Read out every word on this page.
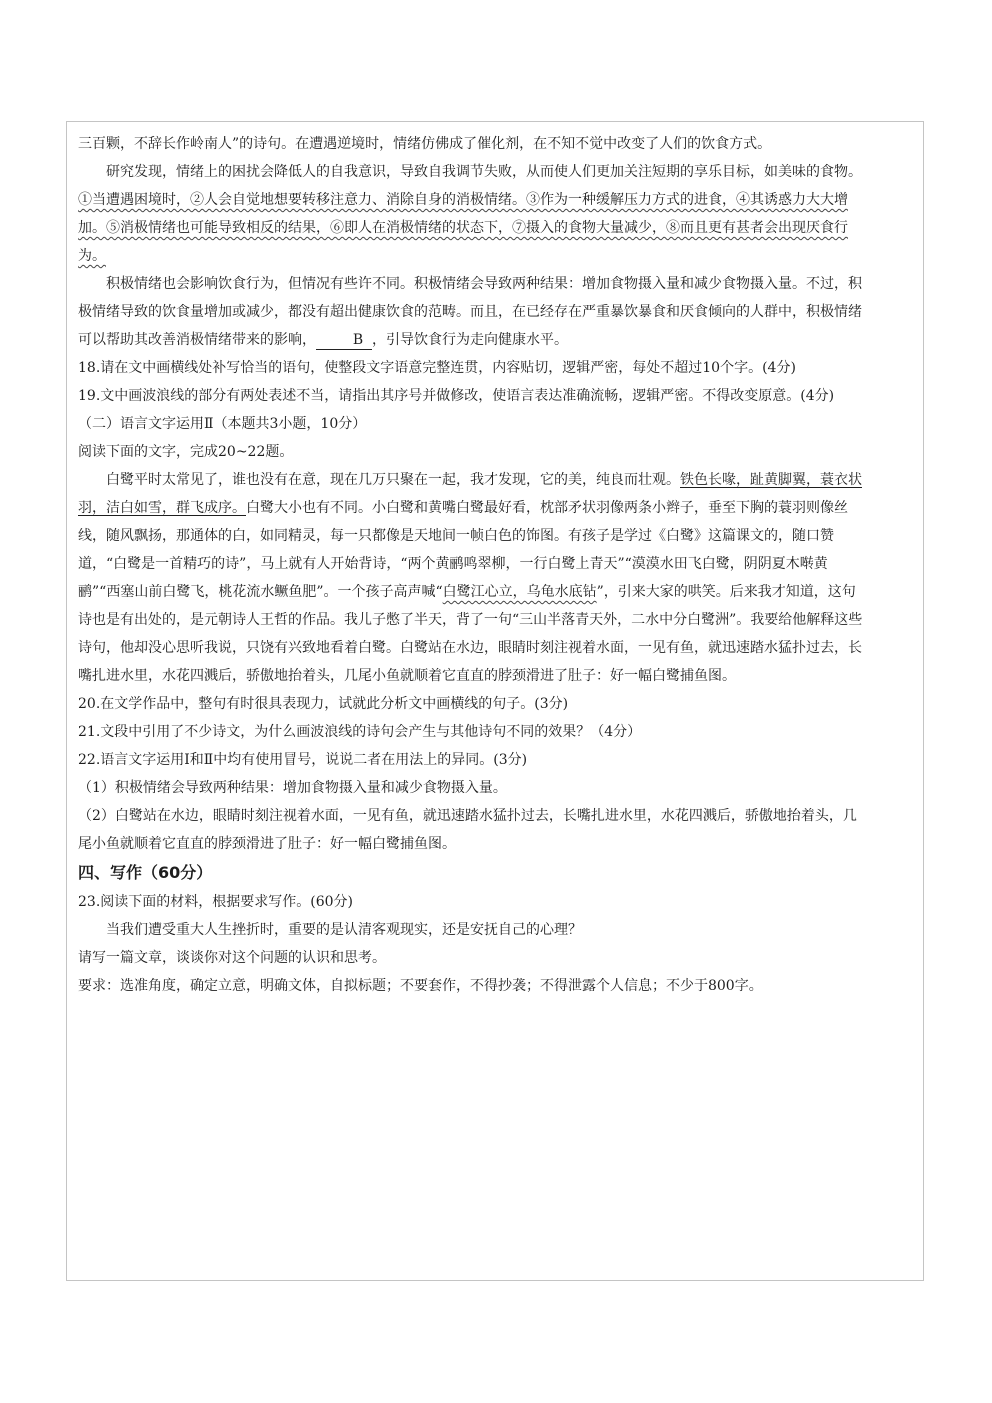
三百颗，不辞长作岭南人”的诗句。在遭遇逆境时，情绪仿佛成了催化剂，在不知不觉中改变了人们的饮食方式。

研究发现，情绪上的困扰会降低人的自我意识，导致自我调节失败，从而使人们更加关注短期的享乐目标，如美味的食物。①当遭遇困境时，②人会自觉地想要转移注意力、消除自身的消极情绪。③作为一种缓解压力方式的进食，④其诱惑力大大增加。⑤消极情绪也可能导致相反的结果，⑥即人在消极情绪的状态下，⑦摄入的食物大量减少，⑧而且更有甚者会出现厌食行为。

积极情绪也会影响饮食行为，但情况有些许不同。积极情绪会导致两种结果：增加食物摄入量和减少食物摄入量。不过，积极情绪导致的饮食量增加或减少，都没有超出健康饮食的范畴。而且，在已经存在严重暴饮暴食和厌食倾向的人群中，积极情绪可以帮助其改善消极情绪带来的影响，	B ，引导饮食行为走向健康水平。

18.请在文中画横线处补写恰当的语句，使整段文字语意完整连贯，内容贴切，逻辑严密，每处不超过10个字。(4分)

19.文中画波浪线的部分有两处表述不当，请指出其序号并做修改，使语言表达准确流畅，逻辑严密。不得改变原意。(4分)

（二）语言文字运用Ⅱ（本题共3小题，10分）

阅读下面的文字，完成20~22题。

白鹭平时太常见了，谁也没有在意，现在几万只聚在一起，我才发现，它的美，纯良而壮观。铁色长喙，趾黄脚翼，蓑衣状羽，洁白如雪，群飞成序。白鹭大小也有不同。小白鹭和黄嘴白鹭最好看，枕部矛状羽像两条小辫子，垂至下胸的蓑羽则像丝线，随风飘扬，那通体的白，如同精灵，每一只都像是天地间一帧白色的饰图。有孩子是学过《白鹭》这篇课文的，随口赞道，“白鹭是一首精巧的诗”，马上就有人开始背诗，“两个黄鹂鸣翠柳，一行白鹭上青天”“漠漠水田飞白鹭，阴阴夏木啭黄鹂”“西塞山前白鹭飞，桃花流水鳜鱼肥”。一个孩子高声喊“白鹭江心立，乌龟水底钻”，引来大家的哄笑。后来我才知道，这句诗也是有出处的，是元朝诗人王哲的作品。我儿子憋了半天，背了一句“三山半落青天外，二水中分白鹭洲”。我要给他解释这些诗句，他却没心思听我说，只饶有兴致地看着白鹭。白鹭站在水边，眼睛时刻注视着水面，一见有鱼，就迅速踏水猛扑过去，长嘴扎进水里，水花四溅后，骄傲地抬着头，几尾小鱼就顺着它直直的脖颈滑进了肚子：好一幅白鹭捕鱼图。

20.在文学作品中，整句有时很具表现力，试就此分析文中画横线的句子。(3分)

21.文段中引用了不少诗文，为什么画波浪线的诗句会产生与其他诗句不同的效果？（4分）

22.语言文字运用Ⅰ和Ⅱ中均有使用冒号，说说二者在用法上的异同。(3分)

（1）积极情绪会导致两种结果：增加食物摄入量和减少食物摄入量。

（2）白鹭站在水边，眼睛时刻注视着水面，一见有鱼，就迅速踏水猛扑过去，长嘴扎进水里，水花四溅后，骄傲地抬着头，几尾小鱼就顺着它直直的脖颈滑进了肚子：好一幅白鹭捕鱼图。

四、写作（60分）

23.阅读下面的材料，根据要求写作。(60分)

当我们遭受重大人生挫折时，重要的是认清客观现实，还是安抚自己的心理？

请写一篇文章，谈谈你对这个问题的认识和思考。

要求：选准角度，确定立意，明确文体，自拟标题；不要套作，不得抄袭；不得泄露个人信息；不少于800字。
